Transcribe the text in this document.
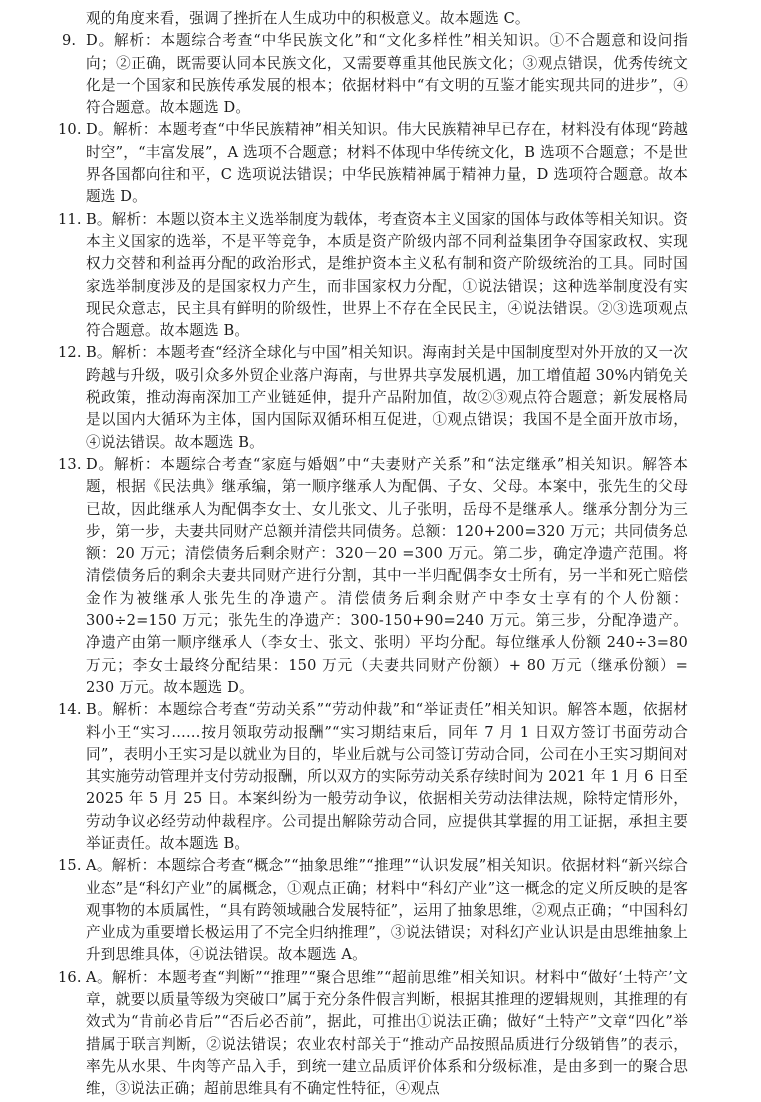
观的角度来看，强调了挫折在人生成功中的积极意义。故本题选 C。

9. D。解析：本题综合考查“中华民族文化”和“文化多样性”相关知识。①不合题意和设问指向；②正确，既需要认同本民族文化，又需要尊重其他民族文化；③观点错误，优秀传统文化是一个国家和民族传承发展的根本；依据材料中“有文明的互鉴才能实现共同的进步”，④符合题意。故本题选 D。

10. D。解析：本题考查“中华民族精神”相关知识。伟大民族精神早已存在，材料没有体现“跨越时空”，“丰富发展”，A 选项不合题意；材料不体现中华传统文化，B 选项不合题意；不是世界各国都向往和平，C 选项说法错误；中华民族精神属于精神力量，D 选项符合题意。故本题选 D。

11. B。解析：本题以资本主义选举制度为载体，考查资本主义国家的国体与政体等相关知识。资本主义国家的选举，不是平等竞争，本质是资产阶级内部不同利益集团争夺国家政权、实现权力交替和利益再分配的政治形式，是维护资本主义私有制和资产阶级统治的工具。同时国家选举制度涉及的是国家权力产生，而非国家权力分配，①说法错误；这种选举制度没有实现民众意志，民主具有鲜明的阶级性，世界上不存在全民民主，④说法错误。②③选项观点符合题意。故本题选 B。

12. B。解析：本题考查“经济全球化与中国”相关知识。海南封关是中国制度型对外开放的又一次跨越与升级，吸引众多外贸企业落户海南，与世界共享发展机遇，加工增值超 30%内销免关税政策，推动海南深加工产业链延伸，提升产品附加值，故②③观点符合题意；新发展格局是以国内大循环为主体，国内国际双循环相互促进，①观点错误；我国不是全面开放市场，④说法错误。故本题选 B。

13. D。解析：本题综合考查“家庭与婚姻”中“夫妻财产关系”和“法定继承”相关知识。解答本题，根据《民法典》继承编，第一顺序继承人为配偶、子女、父母。本案中，张先生的父母已故，因此继承人为配偶李女士、女儿张文、儿子张明，岳母不是继承人。继承分割分为三步，第一步，夫妻共同财产总额并清偿共同债务。总额：120+200=320 万元；共同债务总额：20 万元；清偿债务后剩余财产：320－20 =300 万元。第二步，确定净遗产范围。将清偿债务后的剩余夫妻共同财产进行分割，其中一半归配偶李女士所有，另一半和死亡赔偿金作为被继承人张先生的净遗产。清偿债务后剩余财产中李女士享有的个人份额：300÷2=150 万元；张先生的净遗产：300-150+90=240 万元。第三步，分配净遗产。净遗产由第一顺序继承人（李女士、张文、张明）平均分配。每位继承人份额 240÷3=80 万元；李女士最终分配结果：150 万元（夫妻共同财产份额）+ 80 万元（继承份额）= 230 万元。故本题选 D。

14. B。解析：本题综合考查“劳动关系”“劳动仲裁”和“举证责任”相关知识。解答本题，依据材料小王“实习……按月领取劳动报酬”“实习期结束后，同年 7 月 1 日双方签订书面劳动合同”，表明小王实习是以就业为目的，毕业后就与公司签订劳动合同，公司在小王实习期间对其实施劳动管理并支付劳动报酬，所以双方的实际劳动关系存续时间为 2021 年 1 月 6 日至 2025 年 5 月 25 日。本案纠纷为一般劳动争议，依据相关劳动法律法规，除特定情形外，劳动争议必经劳动仲裁程序。公司提出解除劳动合同，应提供其掌握的用工证据，承担主要举证责任。故本题选 B。

15. A。解析：本题综合考查“概念”“抽象思维”“推理”“认识发展”相关知识。依据材料“新兴综合业态”是“科幻产业”的属概念，①观点正确；材料中“科幻产业”这一概念的定义所反映的是客观事物的本质属性，“具有跨领域融合发展特征”，运用了抽象思维，②观点正确；“中国科幻产业成为重要增长极运用了不完全归纳推理”，③说法错误；对科幻产业认识是由思维抽象上升到思维具体，④说法错误。故本题选 A。

16. A。解析：本题考查“判断”“推理”“聚合思维”“超前思维”相关知识。材料中“做好‘土特产’文章，就要以质量等级为突破口”属于充分条件假言判断，根据其推理的逻辑规则，其推理的有效式为“肯前必肯后”“否后必否前”，据此，可推出①说法正确；做好“土特产”文章“四化”举措属于联言判断，②说法错误；农业农村部关于“推动产品按照品质进行分级销售”的表示，率先从水果、牛肉等产品入手，到统一建立品质评价体系和分级标准，是由多到一的聚合思维，③说法正确；超前思维具有不确定性特征，④观点
